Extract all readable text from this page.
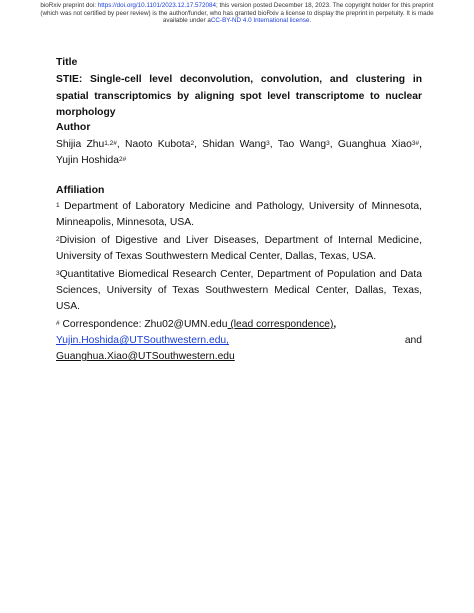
bioRxiv preprint doi: https://doi.org/10.1101/2023.12.17.572084; this version posted December 18, 2023. The copyright holder for this preprint
(which was not certified by peer review) is the author/funder, who has granted bioRxiv a license to display the preprint in perpetuity. It is made
available under aCC-BY-ND 4.0 International license.
Title
STIE: Single-cell level deconvolution, convolution, and clustering in spatial transcriptomics by aligning spot level transcriptome to nuclear morphology
Author
Shijia Zhu$^{1,2\#}$, Naoto Kubota$^2$, Shidan Wang$^3$, Tao Wang$^3$, Guanghua Xiao$^{3\#}$, Yujin Hoshida$^{2\#}$
Affiliation
$^1$ Department of Laboratory Medicine and Pathology, University of Minnesota, Minneapolis, Minnesota, USA.
$^2$Division of Digestive and Liver Diseases, Department of Internal Medicine, University of Texas Southwestern Medical Center, Dallas, Texas, USA.
$^3$Quantitative Biomedical Research Center, Department of Population and Data Sciences, University of Texas Southwestern Medical Center, Dallas, Texas, USA.
# Correspondence: Zhu02@UMN.edu (lead correspondence),
Yujin.Hoshida@UTSouthwestern.edu, and Guanghua.Xiao@UTSouthwestern.edu
